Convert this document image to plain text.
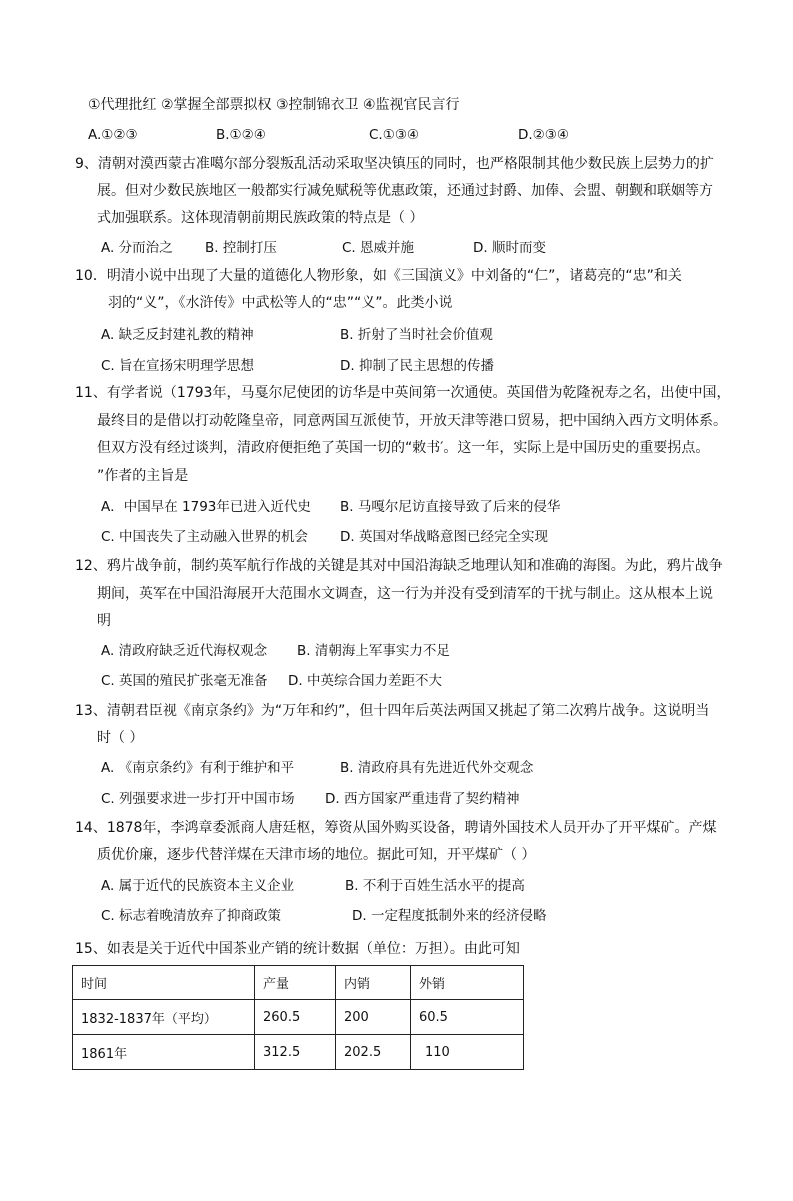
①代理批红 ②掌握全部票拟权 ③控制锦衣卫 ④监视官民言行
A.①②③	B.①②④	C.①③④	D.②③④
9、清朝对漠西蒙古准噶尔部分裂叛乱活动采取坚决镇压的同时，也严格限制其他少数民族上层势力的扩
展。但对少数民族地区一般都实行减免赋税等优惠政策，还通过封爵、加俸、会盟、朝觐和联姻等方
式加强联系。这体现清朝前期民族政策的特点是（ ）
A. 分而治之 B. 控制打压	C. 恩威并施	D. 顺时而变
10．明清小说中出现了大量的道德化人物形象，如《三国演义》中刘备的“仁”，诸葛亮的“忠”和关
羽的“义”，《水浒传》中武松等人的“忠”“义”。此类小说
A. 缺乏反封建礼教的精神	B. 折射了当时社会价值观
C. 旨在宣扬宋明理学思想	D. 抑制了民主思想的传播
11、有学者说（1793年，马戛尔尼使团的访华是中英间第一次通使。英国借为乾隆祝寿之名，出使中国，
最终目的是借以打动乾隆皇帝，同意两国互派使节，开放天津等港口贸易，把中国纳入西方文明体系。
但双方没有经过谈判，清政府便拒绝了英国一切的“敕书′。这一年，实际上是中国历史的重要拐点。
”作者的主旨是
A．中国早在 1793年已进入近代史 B. 马嘎尔尼访直接导致了后来的侵华
C. 中国丧失了主动融入世界的机会 D. 英国对华战略意图已经完全实现
12、鸦片战争前，制约英军航行作战的关键是其对中国沿海缺乏地理认知和准确的海图。为此，鸦片战争
期间，英军在中国沿海展开大范围水文调查，这一行为并没有受到清军的干扰与制止。这从根本上说
明
A. 清政府缺乏近代海权观念 B. 清朝海上军事实力不足
C. 英国的殖民扩张毫无准备 D. 中英综合国力差距不大
13、清朝君臣视《南京条约》为“万年和约”，但十四年后英法两国又挑起了第二次鸦片战争。这说明当
时（ ）
A. 《南京条约》有利于维护和平	B. 清政府具有先进近代外交观念
C. 列强要求进一步打开中国市场 D. 西方国家严重违背了契约精神
14、1878年，李鸿章委派商人唐廷枢，筹资从国外购买设备，聘请外国技术人员开办了开平煤矿。产煤
质优价廉，逐步代替洋煤在天津市场的地位。据此可知，开平煤矿（ ）
A. 属于近代的民族资本主义企业	B. 不利于百姓生活水平的提高
C. 标志着晚清放弃了抑商政策	D. 一定程度抵制外来的经济侵略
15、如表是关于近代中国茶业产销的统计数据（单位：万担）。由此可知
时间	产量	内销	外销
1832-1837年（平均）	260.5	200	60.5
1861年	312.5	202.5	110
